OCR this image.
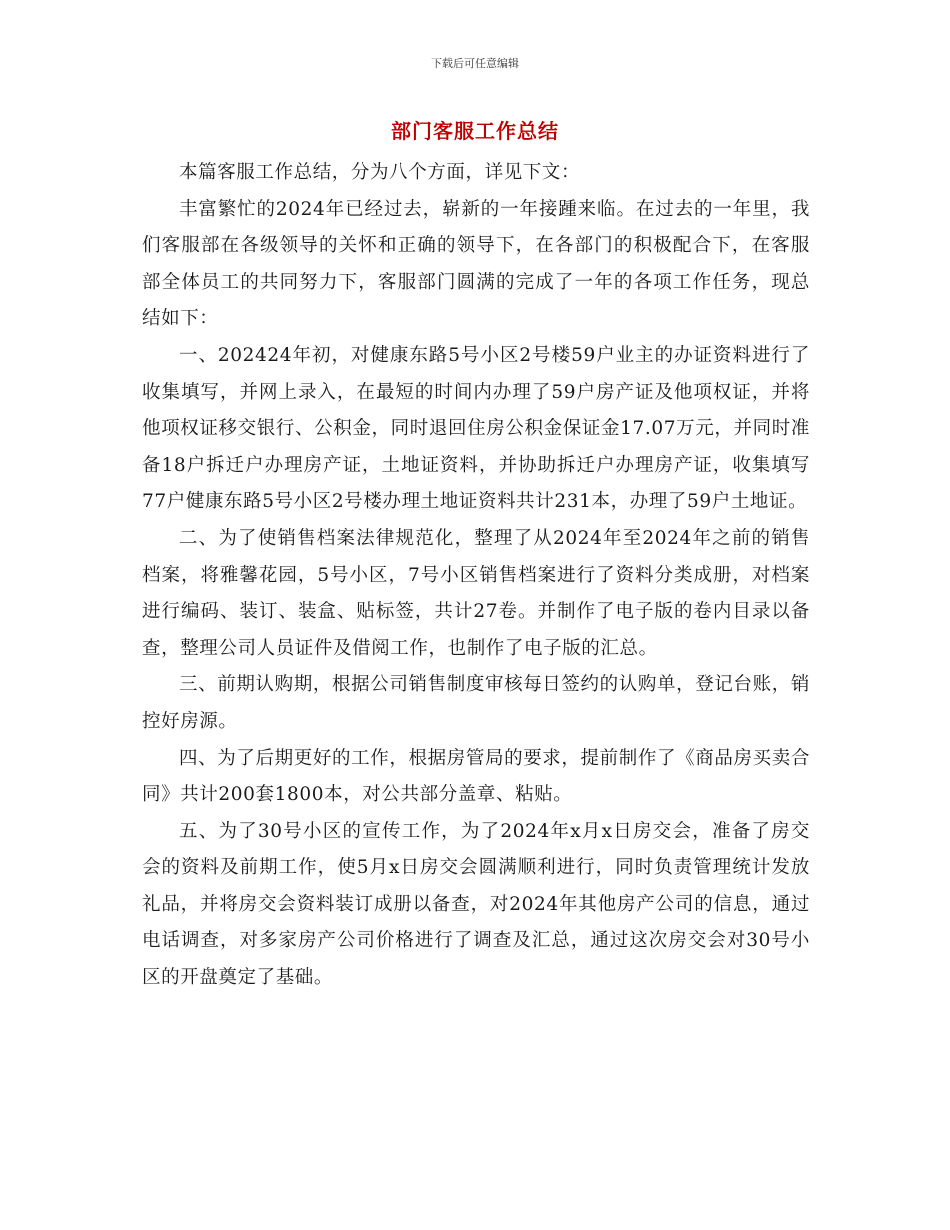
下载后可任意编辑
部门客服工作总结

本篇客服工作总结，分为八个方面，详见下文：

丰富繁忙的2024年已经过去，崭新的一年接踵来临。在过去的一年里，我们客服部在各级领导的关怀和正确的领导下，在各部门的积极配合下，在客服部全体员工的共同努力下，客服部门圆满的完成了一年的各项工作任务，现总结如下：

一、202424年初，对健康东路5号小区2号楼59户业主的办证资料进行了收集填写，并网上录入，在最短的时间内办理了59户房产证及他项权证，并将他项权证移交银行、公积金，同时退回住房公积金保证金17.07万元，并同时准备18户拆迁户办理房产证，土地证资料，并协助拆迁户办理房产证，收集填写77户健康东路5号小区2号楼办理土地证资料共计231本，办理了59户土地证。

二、为了使销售档案法律规范化，整理了从2024年至2024年之前的销售档案，将雅馨花园，5号小区，7号小区销售档案进行了资料分类成册，对档案进行编码、装订、装盒、贴标签，共计27卷。并制作了电子版的卷内目录以备查，整理公司人员证件及借阅工作，也制作了电子版的汇总。

三、前期认购期，根据公司销售制度审核每日签约的认购单，登记台账，销控好房源。

四、为了后期更好的工作，根据房管局的要求，提前制作了《商品房买卖合同》共计200套1800本，对公共部分盖章、粘贴。

五、为了30号小区的宣传工作，为了2024年x月x日房交会，准备了房交会的资料及前期工作，使5月x日房交会圆满顺利进行，同时负责管理统计发放礼品，并将房交会资料装订成册以备查，对2024年其他房产公司的信息，通过电话调查，对多家房产公司价格进行了调查及汇总，通过这次房交会对30号小区的开盘奠定了基础。
